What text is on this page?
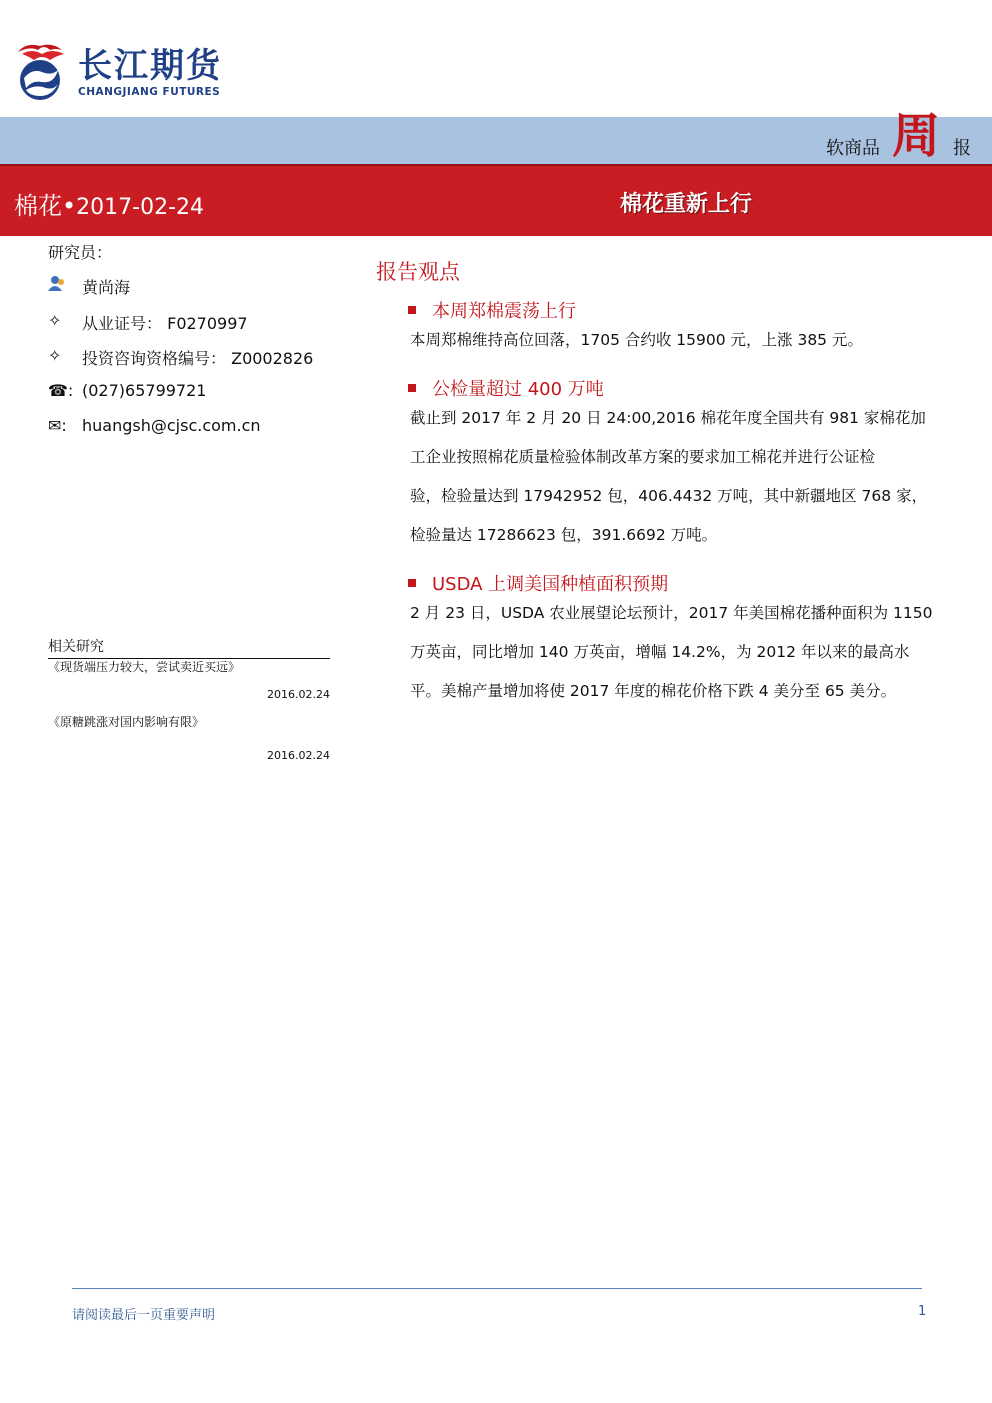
长江期货
CHANGJIANG FUTURES
软商品 周 报
棉花•2017-02-24	棉花重新上行
研究员：
黄尚海
✧	从业证号： F0270997
✧	投资咨询资格编号： Z0002826
☎: (027)65799721
✉: huangsh@cjsc.com.cn
相关研究
《现货端压力较大，尝试卖近买远》
2016.02.24
《原糖跳涨对国内影响有限》
2016.02.24
报告观点
本周郑棉震荡上行
本周郑棉维持高位回落，1705 合约收 15900 元，上涨 385 元。
公检量超过 400 万吨
截止到 2017 年 2 月 20 日 24:00,2016 棉花年度全国共有 981 家棉花加
工企业按照棉花质量检验体制改革方案的要求加工棉花并进行公证检
验，检验量达到 17942952 包，406.4432 万吨，其中新疆地区 768 家，
检验量达 17286623 包，391.6692 万吨。
USDA 上调美国种植面积预期
2 月 23 日，USDA 农业展望论坛预计，2017 年美国棉花播种面积为 1150
万英亩，同比增加 140 万英亩，增幅 14.2%，为 2012 年以来的最高水
平。美棉产量增加将使 2017 年度的棉花价格下跌 4 美分至 65 美分。
请阅读最后一页重要声明	1
